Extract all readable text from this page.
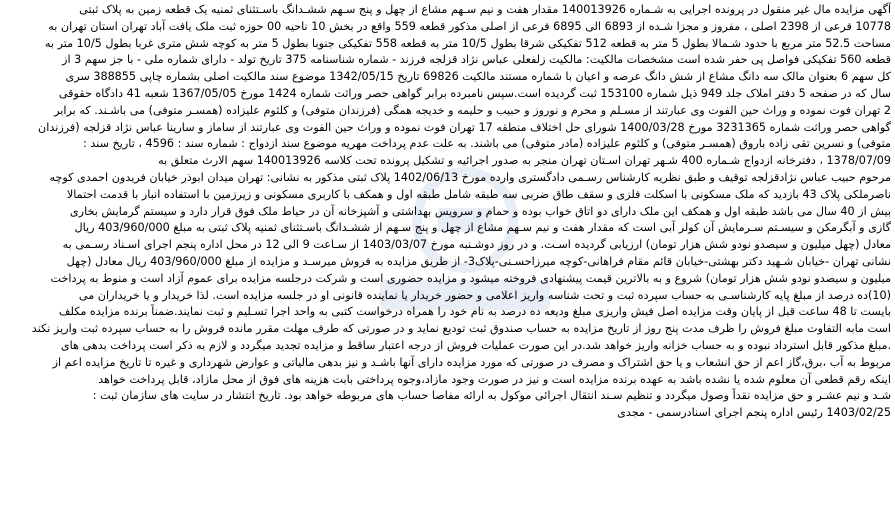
آگهی مزایده مال غیر منقول در پرونده اجرایی به شـماره 140013926 مقدار هفت و نیم سـهم مشاع از چهل و پنج سـهم ششـدانگ باسـتثنای ثمنیه یک قطعه زمین به پلاک ثبتی
10778 فرعی از 2398 اصلی ، مفروز و مجزا شـده از 6893 الی 6895 فرعی از اصلی مذکور قطعه 559 واقع در بخش 10 ناحیه 00 حوزه ثبت ملک یافت آباد تهران استان تهران به
مساحت 52.5 متر مربع با حدود شـمالا بطول 5 متر به قطعه 512 تفکیکی شرقا بطول 10/5 متر به قطعه 558 تفکیکی جنوبا بطول 5 متر به کوچه شش متری غربا بطول 10/5 متر به
قطعه 560 تفکیکی فواصل پی حفر شده است مشخصات مالکیت: مالکیت زلفعلی عباس نژاد قزلجه فرزند - شماره شناسنامه 375 تاریخ تولد - دارای شماره ملی - با جز سهم 3 از
کل سهم 6 بعنوان مالک سه دانگ مشاع از شش دانگ عرصه و اعیان با شماره مستند مالکیت 69826 تاریخ 1342/05/15 موضوع سند مالکیت اصلی بشماره چاپی 388855 سری
سال که در صفحه 5 دفتر املاک جلد 949 ذیل شماره 153100 ثبت گردیده است.سپس نامبرده برابر گواهی حصر وراثت شماره 1424 مورخ 1367/05/05 شعبه 41 دادگاه حقوقی
2 تهران فوت نموده و وراث حین الفوت وی عبارتند از مسـلم و محرم و نوروز و حبیب و حلیمه و خدیجه همگی (فرزندان متوفی) و کلثوم علیزاده (همسـر متوفی) می باشـند. که برابر
گواهی حصر وراثت شماره 3231365 مورخ 1400/03/28 شورای حل اختلاف منطقه 17 تهران فوت نموده و وراث حین الفوت وی عبارتند از ساماز و سارینا عباس نژاد قزلجه (فرزندان
متوفی) و نسرین تقی زاده باروق (همسـر متوفی) و کلثوم علیزاده (مادر متوفی) می باشند. به علت عدم پرداخت مهریه موضوع سند ازدواج : شماره سند : 4596 ، تاریخ سند :
1378/07/09 ، دفترخانه ازدواج شـماره 400 شـهر تهران اسـتان تهران منجر به صدور اجرائیه و تشکیل پرونده تحت کلاسه 140013926 سهم الارث متعلق به
مرحوم حبیب عباس نژادقزلجه توقیف و طبق نظریه کارشناس رسـمی دادگستری وارده مورخ 1402/06/13 پلاک ثبتی مذکور به نشانی: تهران میدان ابوذر خیابان فریدون احمدی کوچه
ناصرملکی پلاک 43 بازدید که ملک مسکونی با اسکلت فلزی و سقف طاق ضربی سه طبقه شامل طبقه اول و همکف با کاربری مسکونی و زیرزمین با استفاده انبار با قدمت احتمالا
بیش از 40 سال می باشد طبقه اول و همکف این ملک دارای دو اتاق خواب بوده و حمام و سرویس بهداشتی و آشپزخانه آن در حیاط ملک فوق قرار دارد و سیستم گرمایش بخاری
گازی و آبگرمکن و سیسـتم سـرمایش آن کولر آبی است که مقدار هفت و نیم سـهم مشاع از چهل و پنج سـهم از ششـدانگ باسـتثنای ثمنیه پلاک ثبتی به مبلغ 403/960/000 ریال
معادل (چهل میلیون و سیصدو نودو شش هزار تومان) ارزیابی گردیده اسـت. و در روز دوشـنبه مورخ 1403/03/07 از سـاعت 9 الی 12 در محل اداره پنجم اجرای اسـناد رسـمی به
نشانی تهران -خیابان شـهید دکتر بهشتی-خیابان قائم مقام فراهانی-کوچه میرزاحسـنی-پلاک3- از طریق مزایده به فروش میرسـد و مزایده از مبلغ 403/960/000 ریال معادل (چهل
میلیون و سیصدو نودو شش هزار تومان) شروع و به بالاترین قیمت پیشنهادی فروخته میشود و مزایده حضوری است و شرکت درجلسه مزایده برای عموم آزاد است و منوط به پرداخت
(10)ده درصد از مبلغ پایه کارشناسـی به حساب سپرده ثبت و تحت شناسه واریز اعلامی و حضور خریدار یا نماینده قانونی او در جلسه مزایده است. لذا خریدار و یا خریداران می
بایست تا 48 ساعت قبل از پایان وقت مزایده اصل فیش واریزی مبلغ ودیعه ده درصد به نام خود را همراه درخواست کتبی به واحد اجرا تسـلیم و ثبت نمایند.ضمناً برنده مزایده مکلف
است مابه التفاوت مبلغ فروش را ظرف مدت پنج روز از تاریخ مزایده به حساب صندوق ثبت تودیع نماید و در صورتی که طرف مهلت مقرر مانده فروش را به حساب سپرده ثبت واریز نکند
.مبلغ مذکور قابل استرداد نبوده و به حساب خزانه واریز خواهد شد.در این صورت عملیات فروش از درجه اعتبار ساقط و مزایده تجدید میگردد و لازم به ذکر است پرداخت بدهی های
مربوط به آب ،برق،گاز اعم از حق انشعاب و یا حق اشتراک و مصرف در صورتی که مورد مزایده دارای آنها باشـد و نیز بدهی مالیاتی و عوارض شهرداری و غیره تا تاریخ مزایده اعم از
اینکه رقم قطعی آن معلوم شده یا نشده باشد به عهده برنده مزایده است و نیز در صورت وجود مازاد،وجوه پرداختی بابت هزینه های فوق از محل مازاد، قابل پرداخت خواهد
شـد و نیم عشـر و حق مزایده نقداً وصول میگردد و تنظیم سـند انتقال اجرائی موکول به ارائه مفاصا حساب های مربوطه خواهد بود. تاریخ انتشار در سایت های سازمان ثبت :
1403/02/25 رئیس اداره پنجم اجرای اسنادرسمی - مجدی
